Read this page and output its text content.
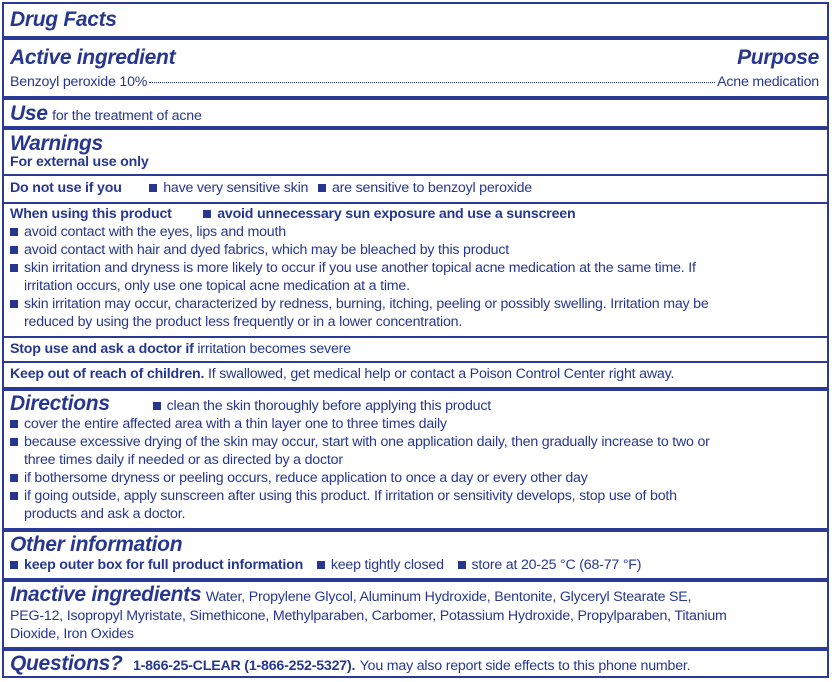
Drug Facts
Active ingredient	Purpose
Benzoyl peroxide 10%	Acne medication
Use for the treatment of acne
Warnings
For external use only
Do not use if you	have very sensitive skin are sensitive to benzoyl peroxide
When using this product	avoid unnecessary sun exposure and use a sunscreen
avoid contact with the eyes, lips and mouth
avoid contact with hair and dyed fabrics, which may be bleached by this product
skin irritation and dryness is more likely to occur if you use another topical acne medication at the same time. If
irritation occurs, only use one topical acne medication at a time.
skin irritation may occur, characterized by redness, burning, itching, peeling or possibly swelling. Irritation may be
reduced by using the product less frequently or in a lower concentration.
Stop use and ask a doctor if irritation becomes severe
Keep out of reach of children. If swallowed, get medical help or contact a Poison Control Center right away.
Directions	clean the skin thoroughly before applying this product
cover the entire affected area with a thin layer one to three times daily
because excessive drying of the skin may occur, start with one application daily, then gradually increase to two or
three times daily if needed or as directed by a doctor
if bothersome dryness or peeling occurs, reduce application to once a day or every other day
if going outside, apply sunscreen after using this product. If irritation or sensitivity develops, stop use of both
products and ask a doctor.
Other information
keep outer box for full product information keep tightly closed store at 20-25 °C (68-77 °F)
Inactive ingredients Water, Propylene Glycol, Aluminum Hydroxide, Bentonite, Glyceryl Stearate SE,
PEG-12, Isopropyl Myristate, Simethicone, Methylparaben, Carbomer, Potassium Hydroxide, Propylparaben, Titanium
Dioxide, Iron Oxides
Questions? 1-866-25-CLEAR (1-866-252-5327). You may also report side effects to this phone number.
